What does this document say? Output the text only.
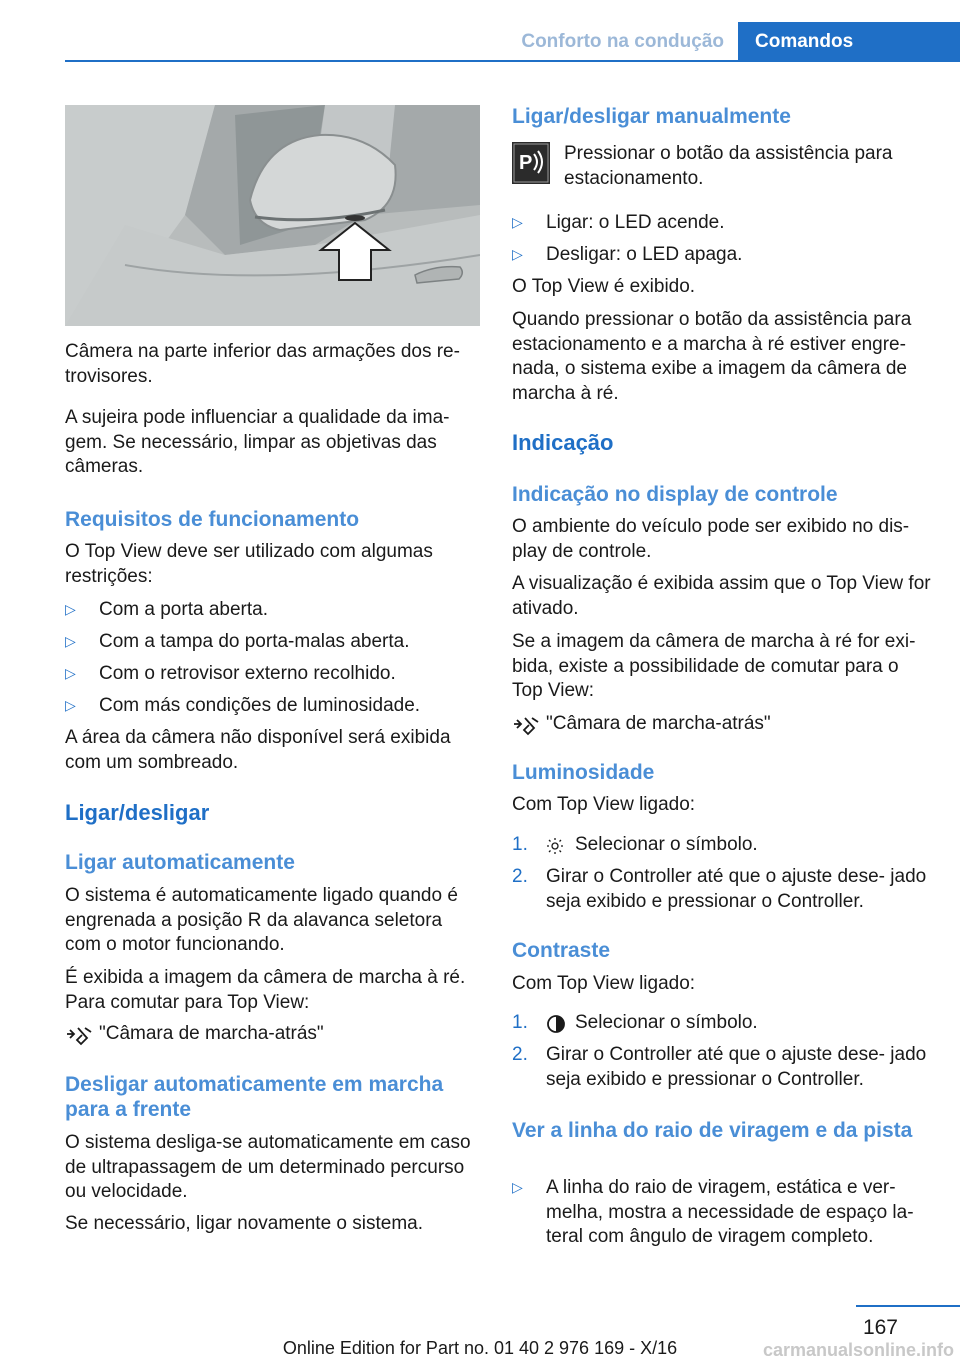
Conforto na condução	Comandos

Câmera na parte inferior das armações dos re‐ trovisores.

A sujeira pode influenciar a qualidade da ima‐ gem. Se necessário, limpar as objetivas das câmeras.

Requisitos de funcionamento

O Top View deve ser utilizado com algumas restrições:

▷ Com a porta aberta.
▷ Com a tampa do porta-malas aberta.
▷ Com o retrovisor externo recolhido.
▷ Com más condições de luminosidade.

A área da câmera não disponível será exibida com um sombreado.

Ligar/desligar
Ligar automaticamente

O sistema é automaticamente ligado quando é engrenada a posição R da alavanca seletora com o motor funcionando.

É exibida a imagem da câmera de marcha à ré. Para comutar para Top View:

"Câmara de marcha-atrás"
Desligar automaticamente em marcha para a frente

O sistema desliga-se automaticamente em caso de ultrapassagem de um determinado percurso ou velocidade.

Se necessário, ligar novamente o sistema.

Ligar/desligar manualmente
P Pressionar o botão da assistência para estacionamento.

▷ Ligar: o LED acende.
▷ Desligar: o LED apaga.

O Top View é exibido.

Quando pressionar o botão da assistência para estacionamento e a marcha à ré estiver engre‐ nada, o sistema exibe a imagem da câmera de marcha à ré.

Indicação
Indicação no display de controle

O ambiente do veículo pode ser exibido no dis‐ play de controle.

A visualização é exibida assim que o Top View for ativado.

Se a imagem da câmera de marcha à ré for exi‐ bida, existe a possibilidade de comutar para o Top View:

"Câmara de marcha-atrás"
Luminosidade

Com Top View ligado:

1. Selecionar o símbolo.
2. Girar o Controller até que o ajuste dese‐ jado seja exibido e pressionar o Controller.
Contraste

Com Top View ligado:

1. Selecionar o símbolo.
2. Girar o Controller até que o ajuste dese‐ jado seja exibido e pressionar o Controller.
Ver a linha do raio de viragem e da pista
▷ A linha do raio de viragem, estática e ver‐ melha, mostra a necessidade de espaço la‐ teral com ângulo de viragem completo.
167
Online Edition for Part no. 01 40 2 976 169 - X/16	carmanualsonline.info
